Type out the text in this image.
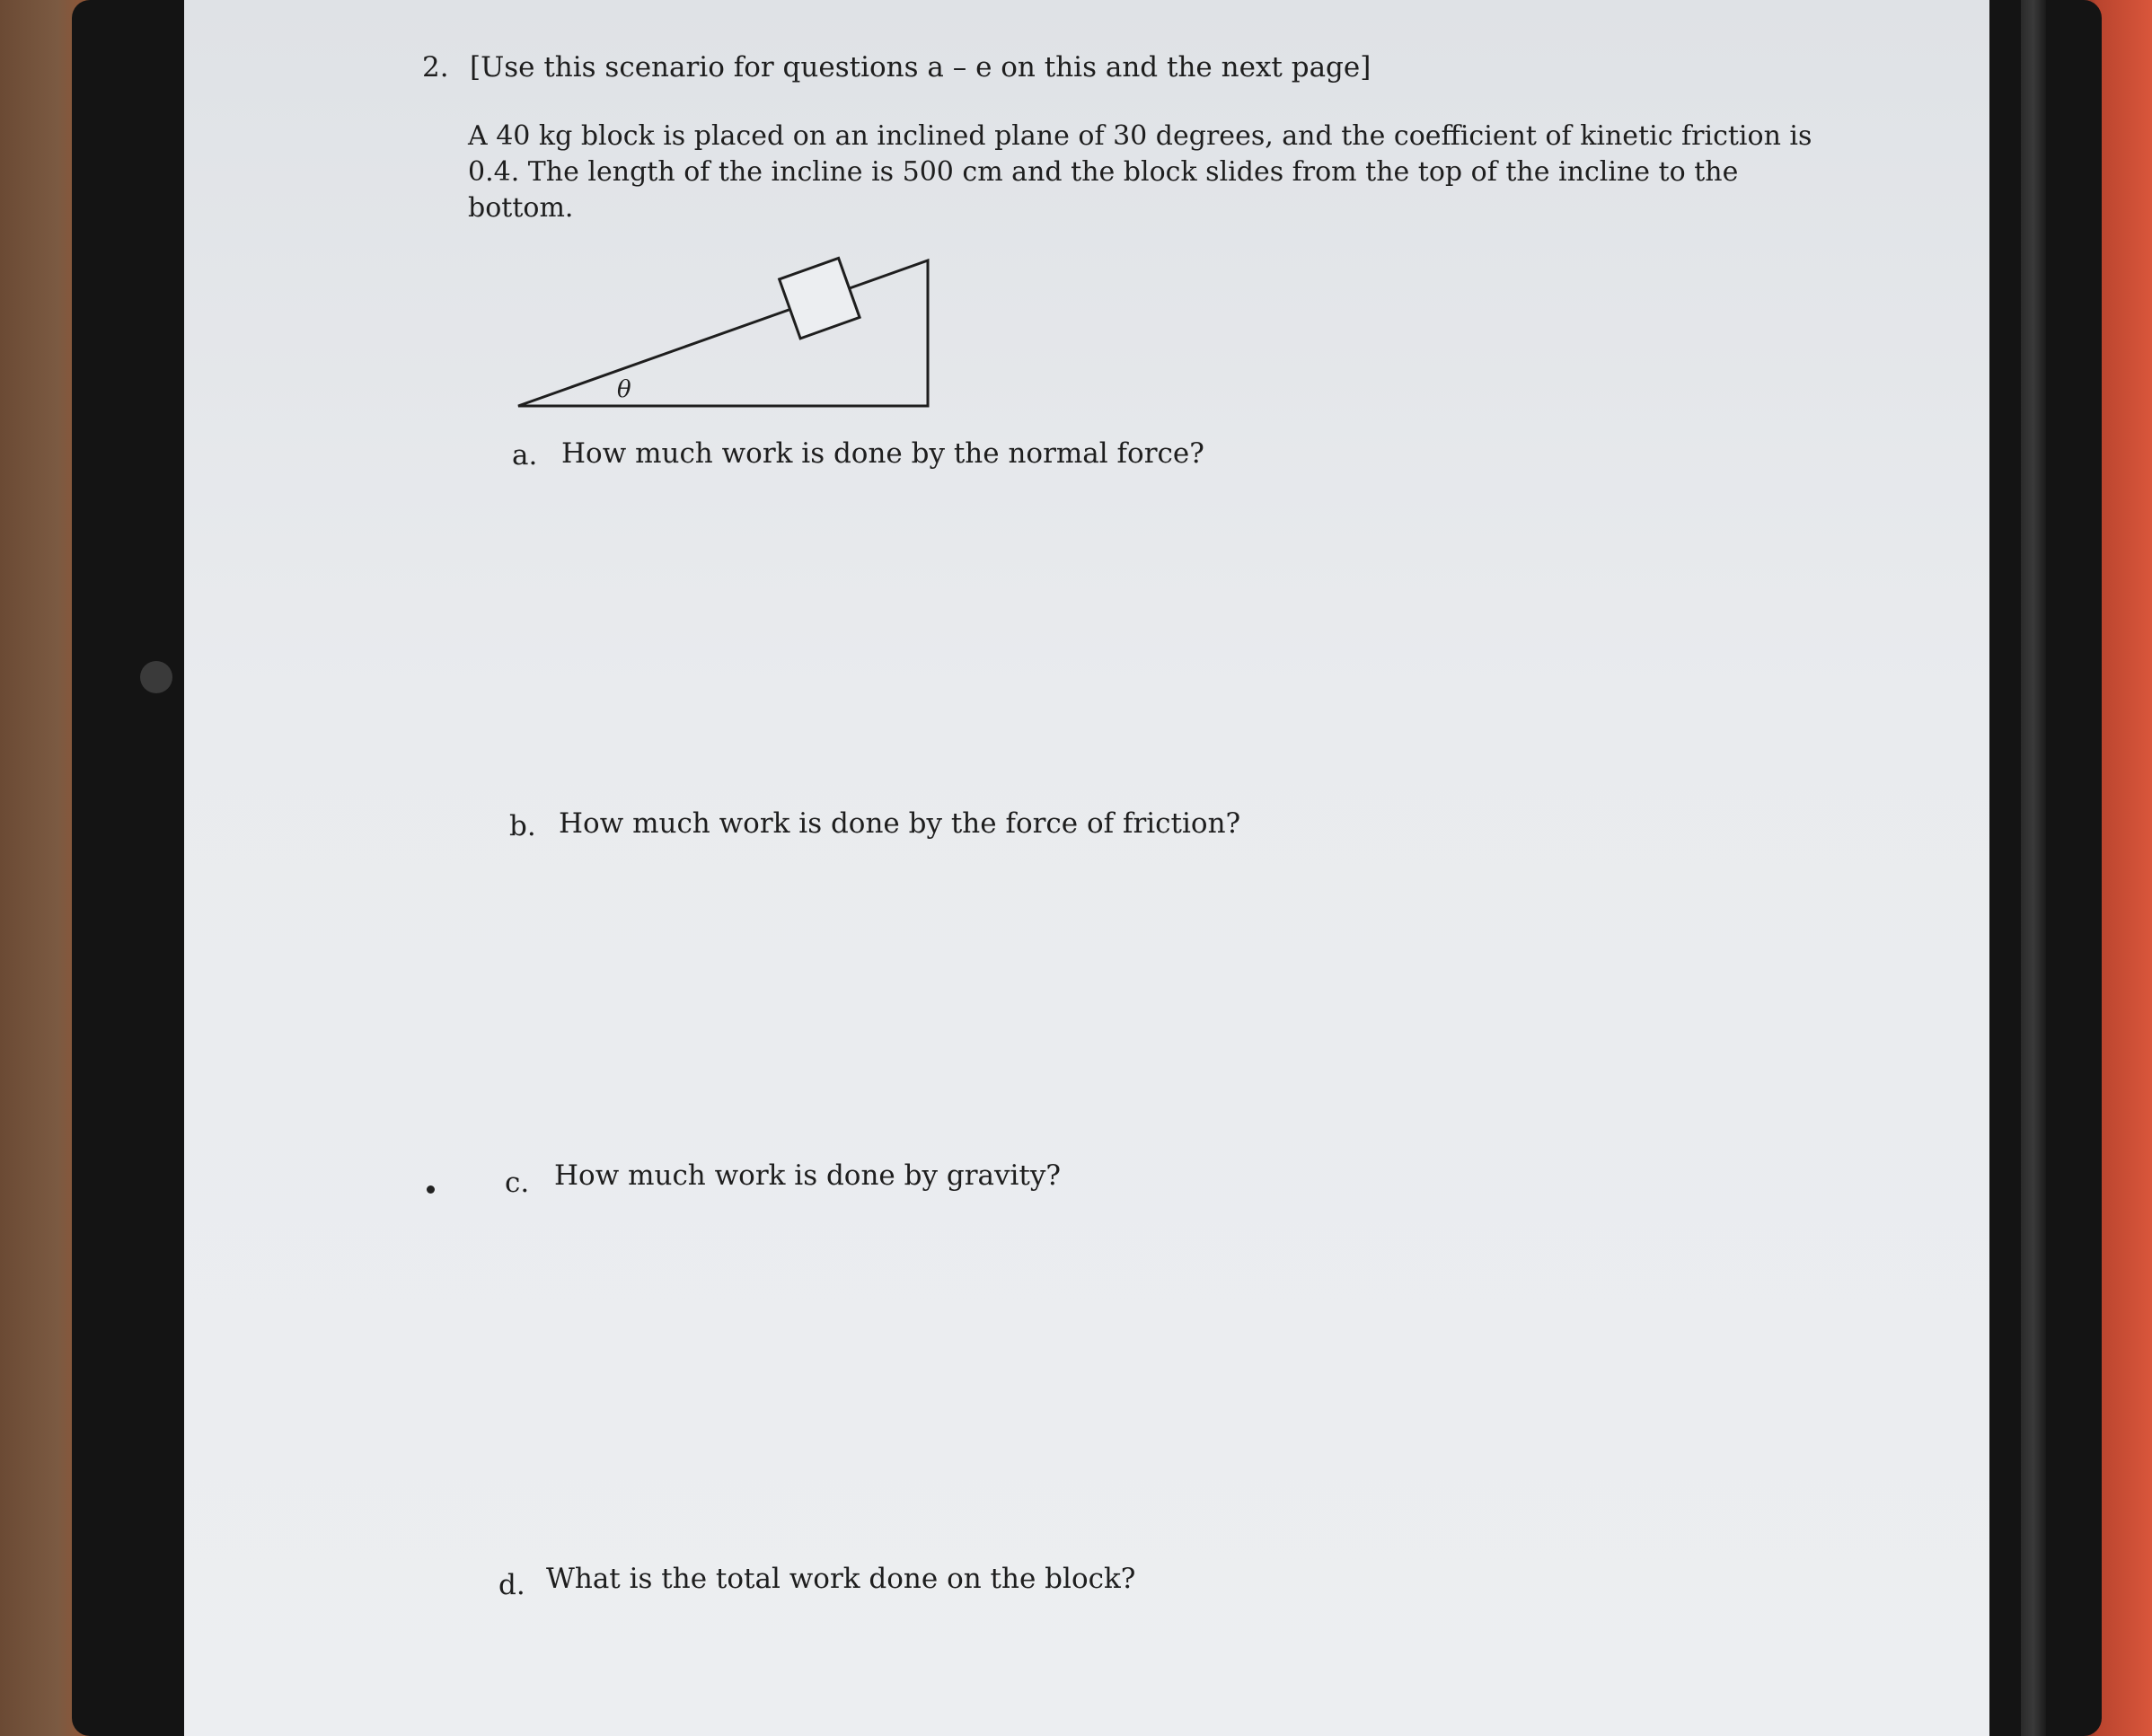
2. [Use this scenario for questions a – e on this and the next page]
A 40 kg block is placed on an inclined plane of 30 degrees, and the coefficient of kinetic friction is 0.4. The length of the incline is 500 cm and the block slides from the top of the incline to the bottom.
θ
a. How much work is done by the normal force?
b. How much work is done by the force of friction?
c. How much work is done by gravity?
d. What is the total work done on the block?
